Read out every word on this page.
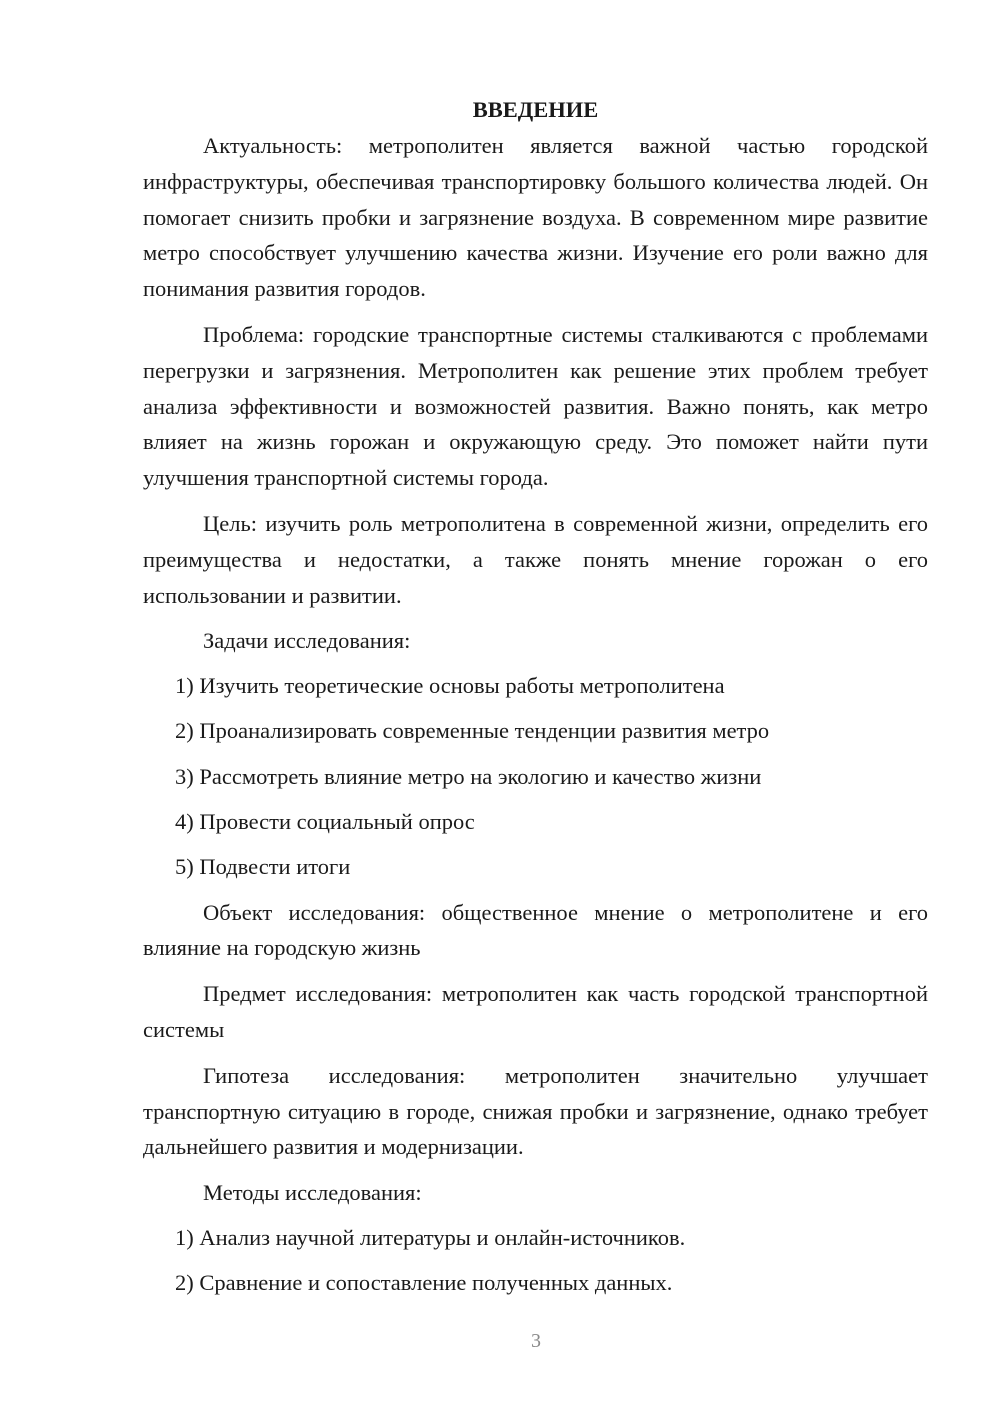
ВВЕДЕНИЕ

Актуальность: метрополитен является важной частью городской инфраструктуры, обеспечивая транспортировку большого количества людей. Он помогает снизить пробки и загрязнение воздуха. В современном мире развитие метро способствует улучшению качества жизни. Изучение его роли важно для понимания развития городов.

Проблема: городские транспортные системы сталкиваются с проблемами перегрузки и загрязнения. Метрополитен как решение этих проблем требует анализа эффективности и возможностей развития. Важно понять, как метро влияет на жизнь горожан и окружающую среду. Это поможет найти пути улучшения транспортной системы города.

Цель: изучить роль метрополитена в современной жизни, определить его преимущества и недостатки, а также понять мнение горожан о его использовании и развитии.

Задачи исследования:

1) Изучить теоретические основы работы метрополитена

2) Проанализировать современные тенденции развития метро

3) Рассмотреть влияние метро на экологию и качество жизни

4) Провести социальный опрос

5) Подвести итоги

Объект исследования: общественное мнение о метрополитене и его влияние на городскую жизнь

Предмет исследования: метрополитен как часть городской транспортной системы

Гипотеза исследования: метрополитен значительно улучшает транспортную ситуацию в городе, снижая пробки и загрязнение, однако требует дальнейшего развития и модернизации.

Методы исследования:

1) Анализ научной литературы и онлайн-источников.

2) Сравнение и сопоставление полученных данных.

3
